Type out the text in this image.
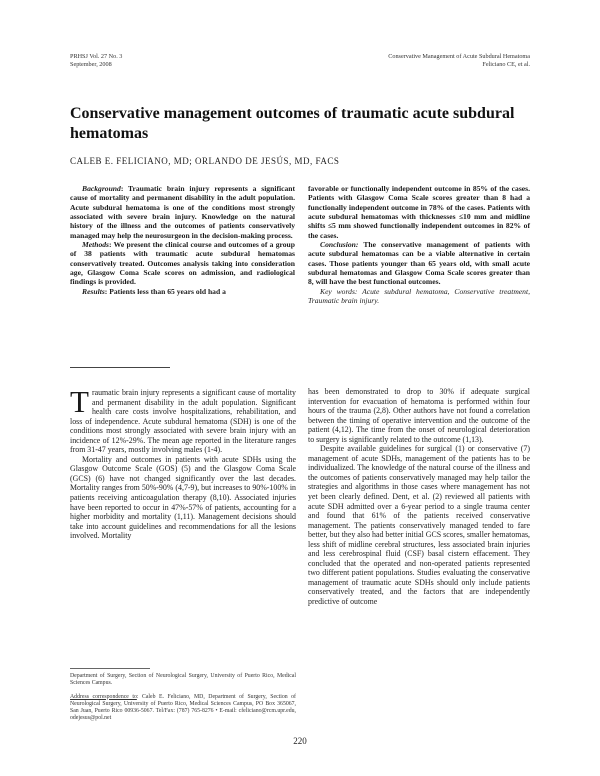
PRHSJ Vol. 27 No. 3
September, 2008
Conservative Management of Acute Subdural Hematoma
Feliciano CE, et al.
Conservative management outcomes of traumatic acute subdural hematomas
CALEB E. FELICIANO, MD; ORLANDO DE JESÚS, MD, FACS

Background: Traumatic brain injury represents a significant cause of mortality and permanent disability in the adult population. Acute subdural hematoma is one of the conditions most strongly associated with severe brain injury. Knowledge on the natural history of the illness and the outcomes of patients conservatively managed may help the neurosurgeon in the decision-making process.

Methods: We present the clinical course and outcomes of a group of 38 patients with traumatic acute subdural hematomas conservatively treated. Outcomes analysis taking into consideration age, Glasgow Coma Scale scores on admission, and radiological findings is provided.

Results: Patients less than 65 years old had a

favorable or functionally independent outcome in 85% of the cases. Patients with Glasgow Coma Scale scores greater than 8 had a functionally independent outcome in 78% of the cases. Patients with acute subdural hematomas with thicknesses ≤10 mm and midline shifts ≤5 mm showed functionally independent outcomes in 82% of the cases.

Conclusion: The conservative management of patients with acute subdural hematomas can be a viable alternative in certain cases. Those patients younger than 65 years old, with small acute subdural hematomas and Glasgow Coma Scale scores greater than 8, will have the best functional outcomes.

Key words: Acute subdural hematoma, Conservative treatment, Traumatic brain injury.

Traumatic brain injury represents a significant cause of mortality and permanent disability in the adult population. Significant health care costs involve hospitalizations, rehabilitation, and loss of independence. Acute subdural hematoma (SDH) is one of the conditions most strongly associated with severe brain injury with an incidence of 12%-29%. The mean age reported in the literature ranges from 31-47 years, mostly involving males (1-4).

Mortality and outcomes in patients with acute SDHs using the Glasgow Outcome Scale (GOS) (5) and the Glasgow Coma Scale (GCS) (6) have not changed significantly over the last decades. Mortality ranges from 50%-90% (4,7-9), but increases to 90%-100% in patients receiving anticoagulation therapy (8,10). Associated injuries have been reported to occur in 47%-57% of patients, accounting for a higher morbidity and mortality (1,11). Management decisions should take into account guidelines and recommendations for all the lesions involved. Mortality

has been demonstrated to drop to 30% if adequate surgical intervention for evacuation of hematoma is performed within four hours of the trauma (2,8). Other authors have not found a correlation between the timing of operative intervention and the outcome of the patient (4,12). The time from the onset of neurological deterioration to surgery is significantly related to the outcome (1,13).

Despite available guidelines for surgical (1) or conservative (7) management of acute SDHs, management of the patients has to be individualized. The knowledge of the natural course of the illness and the outcomes of patients conservatively managed may help tailor the strategies and algorithms in those cases where management has not yet been clearly defined. Dent, et al. (2) reviewed all patients with acute SDH admitted over a 6-year period to a single trauma center and found that 61% of the patients received conservative management. The patients conservatively managed tended to fare better, but they also had better initial GCS scores, smaller hematomas, less shift of midline cerebral structures, less associated brain injuries and less cerebrospinal fluid (CSF) basal cistern effacement. They concluded that the operated and non-operated patients represented two different patient populations. Studies evaluating the conservative management of traumatic acute SDHs should only include patients conservatively treated, and the factors that are independently predictive of outcome

Department of Surgery, Section of Neurological Surgery, University of Puerto Rico, Medical Sciences Campus.

Address correspondence to: Caleb E. Feliciano, MD, Department of Surgery, Section of Neurological Surgery, University of Puerto Rico, Medical Sciences Campus, PO Box 365067, San Juan, Puerto Rico 00936-5067. Tel/Fax: (787) 765-8276 • E-mail: cfeliciano@rcm.upr.edu, odejesus@pol.net

220
